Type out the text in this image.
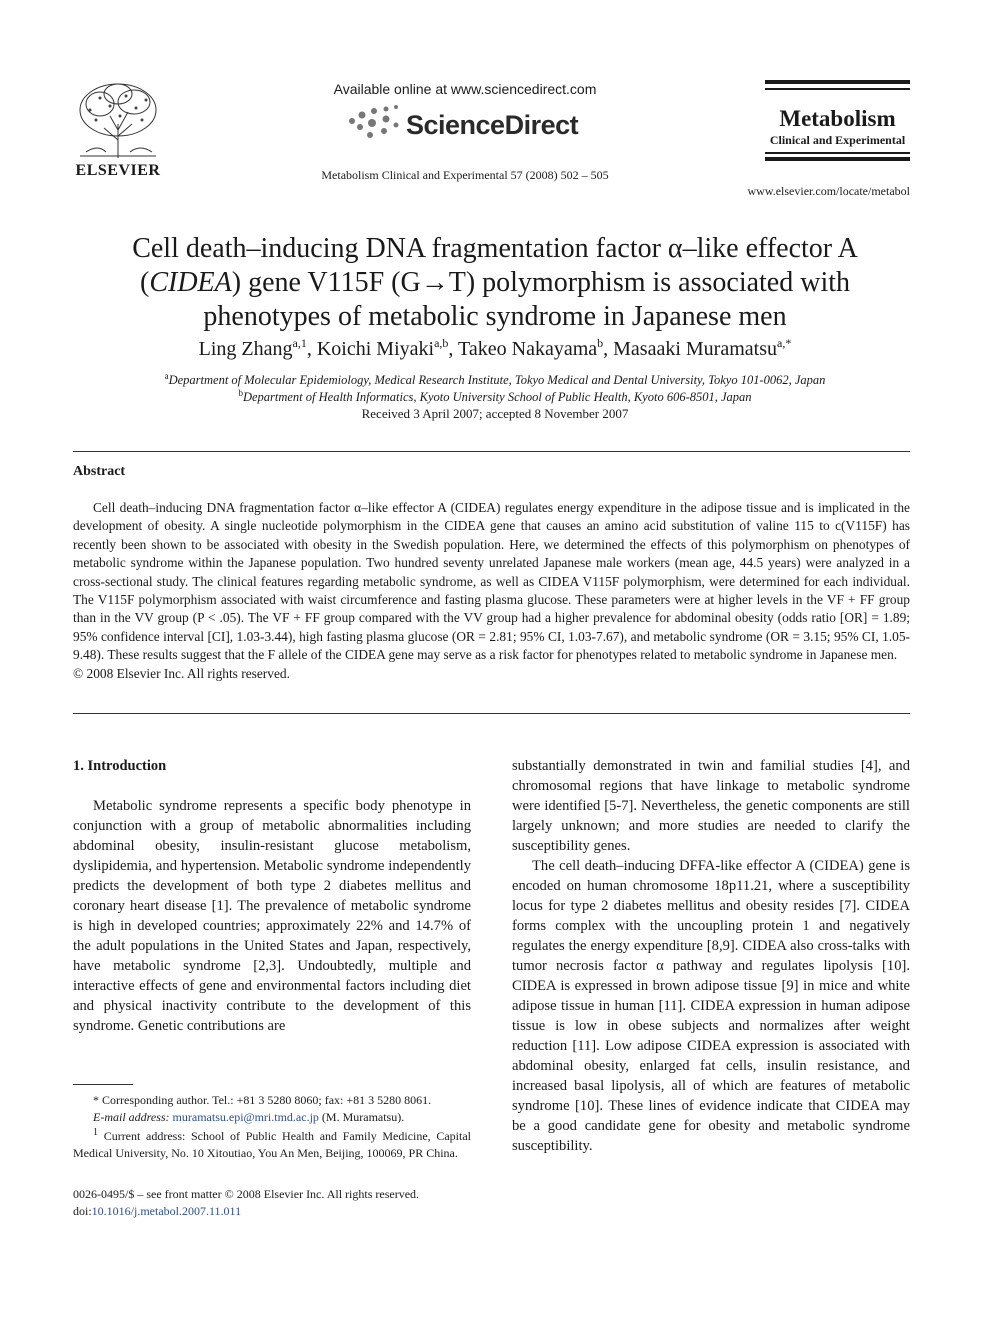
ELSEVIER
Available online at www.sciencedirect.com
ScienceDirect
Metabolism Clinical and Experimental 57 (2008) 502 – 505
Metabolism
Clinical and Experimental
www.elsevier.com/locate/metabol
Cell death–inducing DNA fragmentation factor α–like effector A
(CIDEA) gene V115F (G→T) polymorphism is associated with
phenotypes of metabolic syndrome in Japanese men
Ling Zhang$^{a,1}$, Koichi Miyaki$^{a,b}$, Takeo Nakayama$^b$, Masaaki Muramatsu$^{a,*}$
$^a$Department of Molecular Epidemiology, Medical Research Institute, Tokyo Medical and Dental University, Tokyo 101-0062, Japan
$^b$Department of Health Informatics, Kyoto University School of Public Health, Kyoto 606-8501, Japan
Received 3 April 2007; accepted 8 November 2007
Abstract

Cell death–inducing DNA fragmentation factor α–like effector A (CIDEA) regulates energy expenditure in the adipose tissue and is implicated in the development of obesity. A single nucleotide polymorphism in the CIDEA gene that causes an amino acid substitution of valine 115 to c(V115F) has recently been shown to be associated with obesity in the Swedish population. Here, we determined the effects of this polymorphism on phenotypes of metabolic syndrome within the Japanese population. Two hundred seventy unrelated Japanese male workers (mean age, 44.5 years) were analyzed in a cross-sectional study. The clinical features regarding metabolic syndrome, as well as CIDEA V115F polymorphism, were determined for each individual. The V115F polymorphism associated with waist circumference and fasting plasma glucose. These parameters were at higher levels in the VF + FF group than in the VV group (P < .05). The VF + FF group compared with the VV group had a higher prevalence for abdominal obesity (odds ratio [OR] = 1.89; 95% confidence interval [CI], 1.03-3.44), high fasting plasma glucose (OR = 2.81; 95% CI, 1.03-7.67), and metabolic syndrome (OR = 3.15; 95% CI, 1.05-9.48). These results suggest that the F allele of the CIDEA gene may serve as a risk factor for phenotypes related to metabolic syndrome in Japanese men.

© 2008 Elsevier Inc. All rights reserved.
1. Introduction

Metabolic syndrome represents a specific body phenotype in conjunction with a group of metabolic abnormalities including abdominal obesity, insulin-resistant glucose metabolism, dyslipidemia, and hypertension. Metabolic syndrome independently predicts the development of both type 2 diabetes mellitus and coronary heart disease [1]. The prevalence of metabolic syndrome is high in developed countries; approximately 22% and 14.7% of the adult populations in the United States and Japan, respectively, have metabolic syndrome [2,3]. Undoubtedly, multiple and interactive effects of gene and environmental factors including diet and physical inactivity contribute to the development of this syndrome. Genetic contributions are

substantially demonstrated in twin and familial studies [4], and chromosomal regions that have linkage to metabolic syndrome were identified [5-7]. Nevertheless, the genetic components are still largely unknown; and more studies are needed to clarify the susceptibility genes.

The cell death–inducing DFFA-like effector A (CIDEA) gene is encoded on human chromosome 18p11.21, where a susceptibility locus for type 2 diabetes mellitus and obesity resides [7]. CIDEA forms complex with the uncoupling protein 1 and negatively regulates the energy expenditure [8,9]. CIDEA also cross-talks with tumor necrosis factor α pathway and regulates lipolysis [10]. CIDEA is expressed in brown adipose tissue [9] in mice and white adipose tissue in human [11]. CIDEA expression in human adipose tissue is low in obese subjects and normalizes after weight reduction [11]. Low adipose CIDEA expression is associated with abdominal obesity, enlarged fat cells, insulin resistance, and increased basal lipolysis, all of which are features of metabolic syndrome [10]. These lines of evidence indicate that CIDEA may be a good candidate gene for obesity and metabolic syndrome susceptibility.

* Corresponding author. Tel.: +81 3 5280 8060; fax: +81 3 5280 8061.

E-mail address: muramatsu.epi@mri.tmd.ac.jp (M. Muramatsu).

$^1$ Current address: School of Public Health and Family Medicine, Capital Medical University, No. 10 Xitoutiao, You An Men, Beijing, 100069, PR China.

0026-0495/$ – see front matter © 2008 Elsevier Inc. All rights reserved.
doi:10.1016/j.metabol.2007.11.011
